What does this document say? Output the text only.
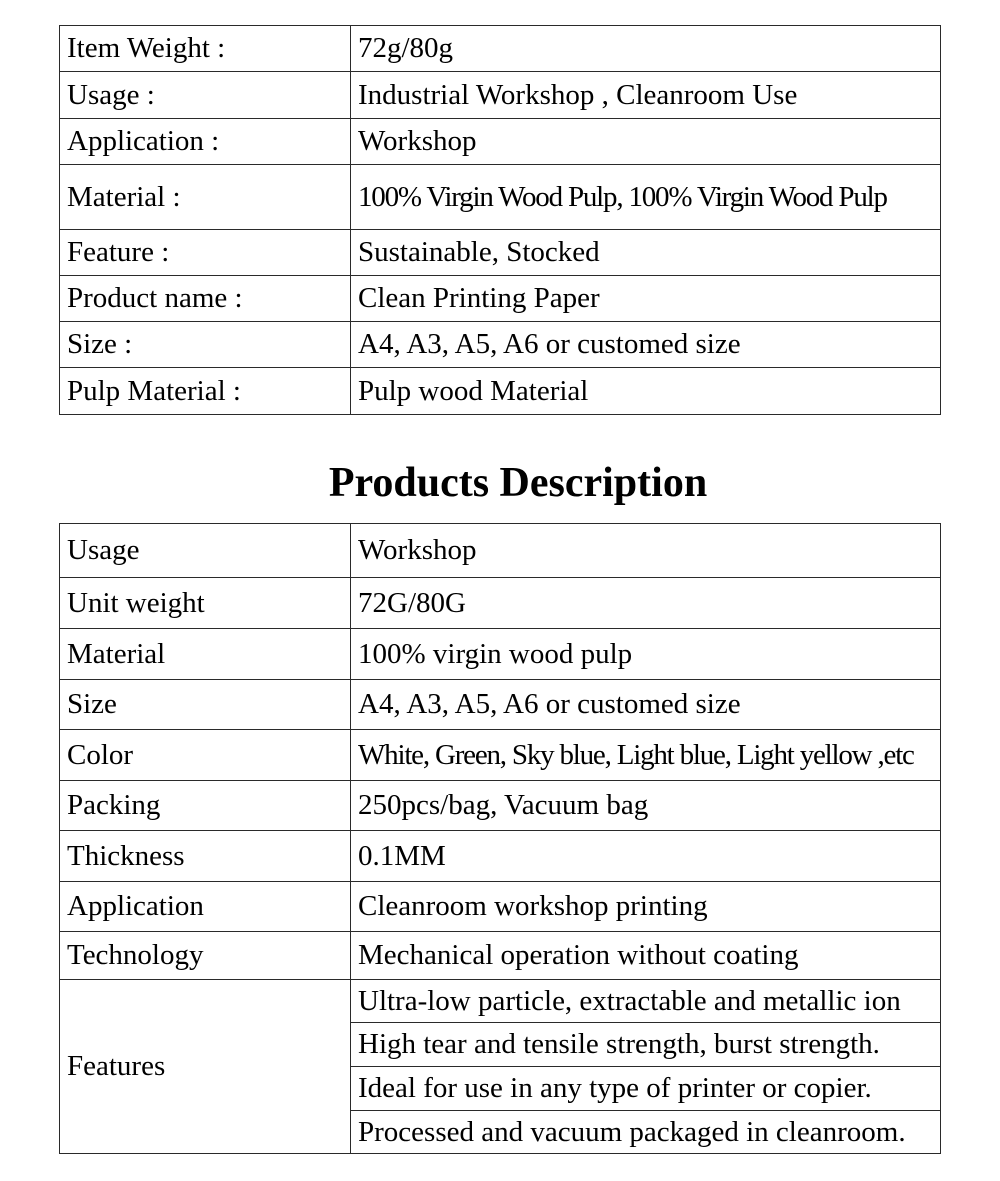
Item Weight :	72g/80g
Usage :	Industrial Workshop , Cleanroom Use
Application :	Workshop
Material :	100% Virgin Wood Pulp, 100% Virgin Wood Pulp
Feature :	Sustainable, Stocked
Product name :	Clean Printing Paper
Size :	A4, A3, A5, A6 or customed size
Pulp Material :	Pulp wood Material
Products Description
Usage	Workshop
Unit weight	72G/80G
Material	100% virgin wood pulp
Size	A4, A3, A5, A6 or customed size
Color	White, Green, Sky blue, Light blue, Light yellow ,etc
Packing	250pcs/bag, Vacuum bag
Thickness	0.1MM
Application	Cleanroom workshop printing
Technology	Mechanical operation without coating
Features	Ultra-low particle, extractable and metallic ion
	High tear and tensile strength, burst strength.
	Ideal for use in any type of printer or copier.
	Processed and vacuum packaged in cleanroom.
